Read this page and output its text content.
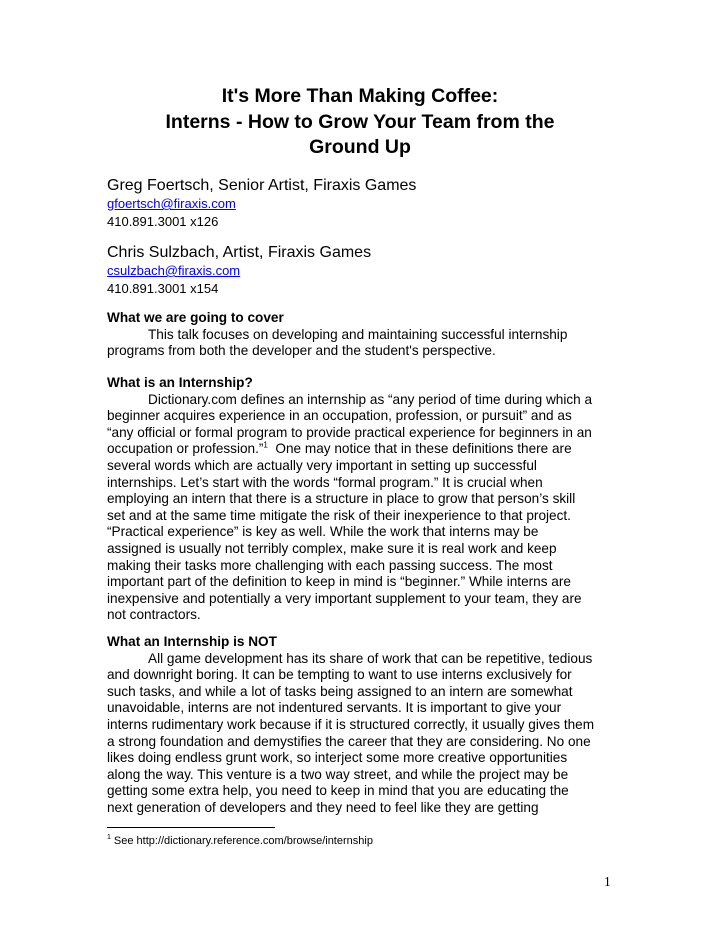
It's More Than Making Coffee:
Interns - How to Grow Your Team from the
Ground Up
Greg Foertsch, Senior Artist, Firaxis Games
gfoertsch@firaxis.com
410.891.3001 x126
Chris Sulzbach, Artist, Firaxis Games
csulzbach@firaxis.com
410.891.3001 x154
What we are going to cover

This talk focuses on developing and maintaining successful internship
programs from both the developer and the student's perspective.

What is an Internship?

Dictionary.com defines an internship as “any period of time during which a
beginner acquires experience in an occupation, profession, or pursuit” and as
“any official or formal program to provide practical experience for beginners in an
occupation or profession.”$^1$  One may notice that in these definitions there are
several words which are actually very important in setting up successful
internships. Let’s start with the words “formal program.” It is crucial when
employing an intern that there is a structure in place to grow that person’s skill
set and at the same time mitigate the risk of their inexperience to that project.
“Practical experience” is key as well. While the work that interns may be
assigned is usually not terribly complex, make sure it is real work and keep
making their tasks more challenging with each passing success. The most
important part of the definition to keep in mind is “beginner.” While interns are
inexpensive and potentially a very important supplement to your team, they are
not contractors.

What an Internship is NOT

All game development has its share of work that can be repetitive, tedious
and downright boring. It can be tempting to want to use interns exclusively for
such tasks, and while a lot of tasks being assigned to an intern are somewhat
unavoidable, interns are not indentured servants. It is important to give your
interns rudimentary work because if it is structured correctly, it usually gives them
a strong foundation and demystifies the career that they are considering. No one
likes doing endless grunt work, so interject some more creative opportunities
along the way. This venture is a two way street, and while the project may be
getting some extra help, you need to keep in mind that you are educating the
next generation of developers and they need to feel like they are getting

$^1$ See http://dictionary.reference.com/browse/internship
1
